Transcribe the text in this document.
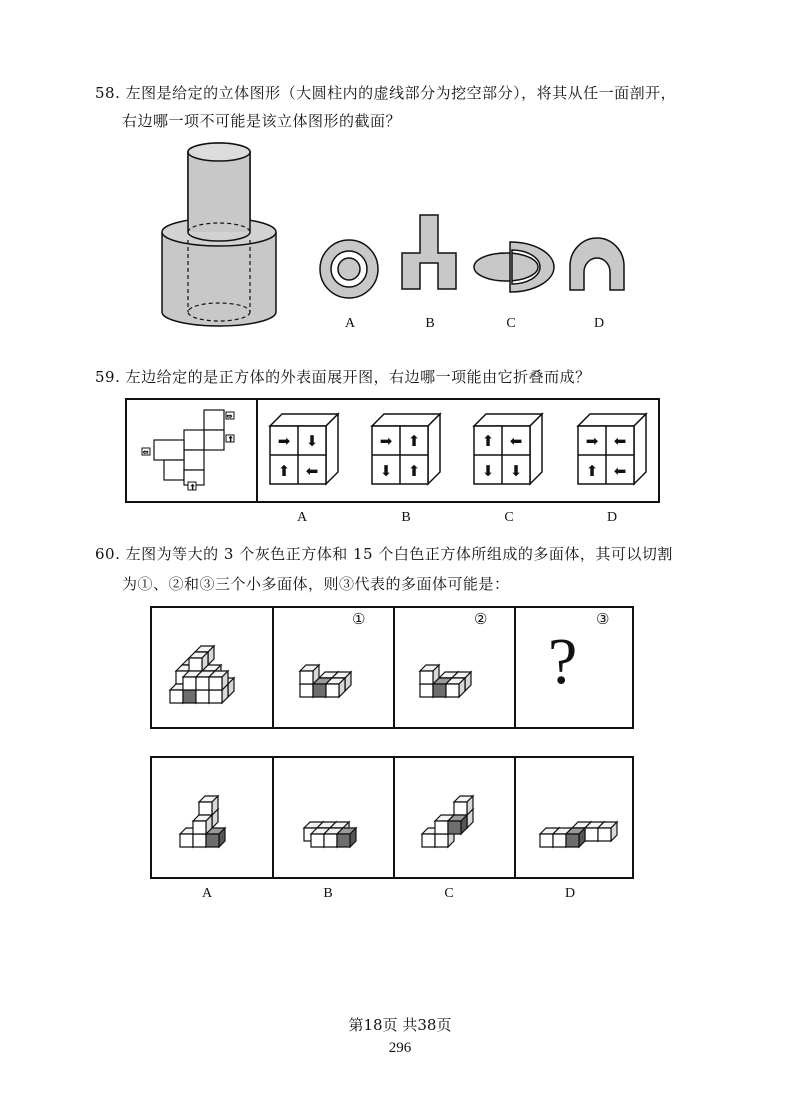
58. 左图是给定的立体图形（大圆柱内的虚线部分为挖空部分），将其从任一面剖开，
右边哪一项不可能是该立体图形的截面？
A	B	C	D
59. 左边给定的是正方体的外表面展开图，右边哪一项能由它折叠而成？
➡
↑
⬅
↑
➡ ⬇
⬆ ⬅
➡ ⬆
⬇ ⬆
⬆ ⬅
⬇ ⬇
➡ ⬅
⬆ ⬅
A	B	C	D
60. 左图为等大的 3 个灰色正方体和 15 个白色正方体所组成的多面体，其可以切割
为①、②和③三个小多面体，则③代表的多面体可能是：
①	②	③
?
A	B	C	D
第18页 共38页
296
